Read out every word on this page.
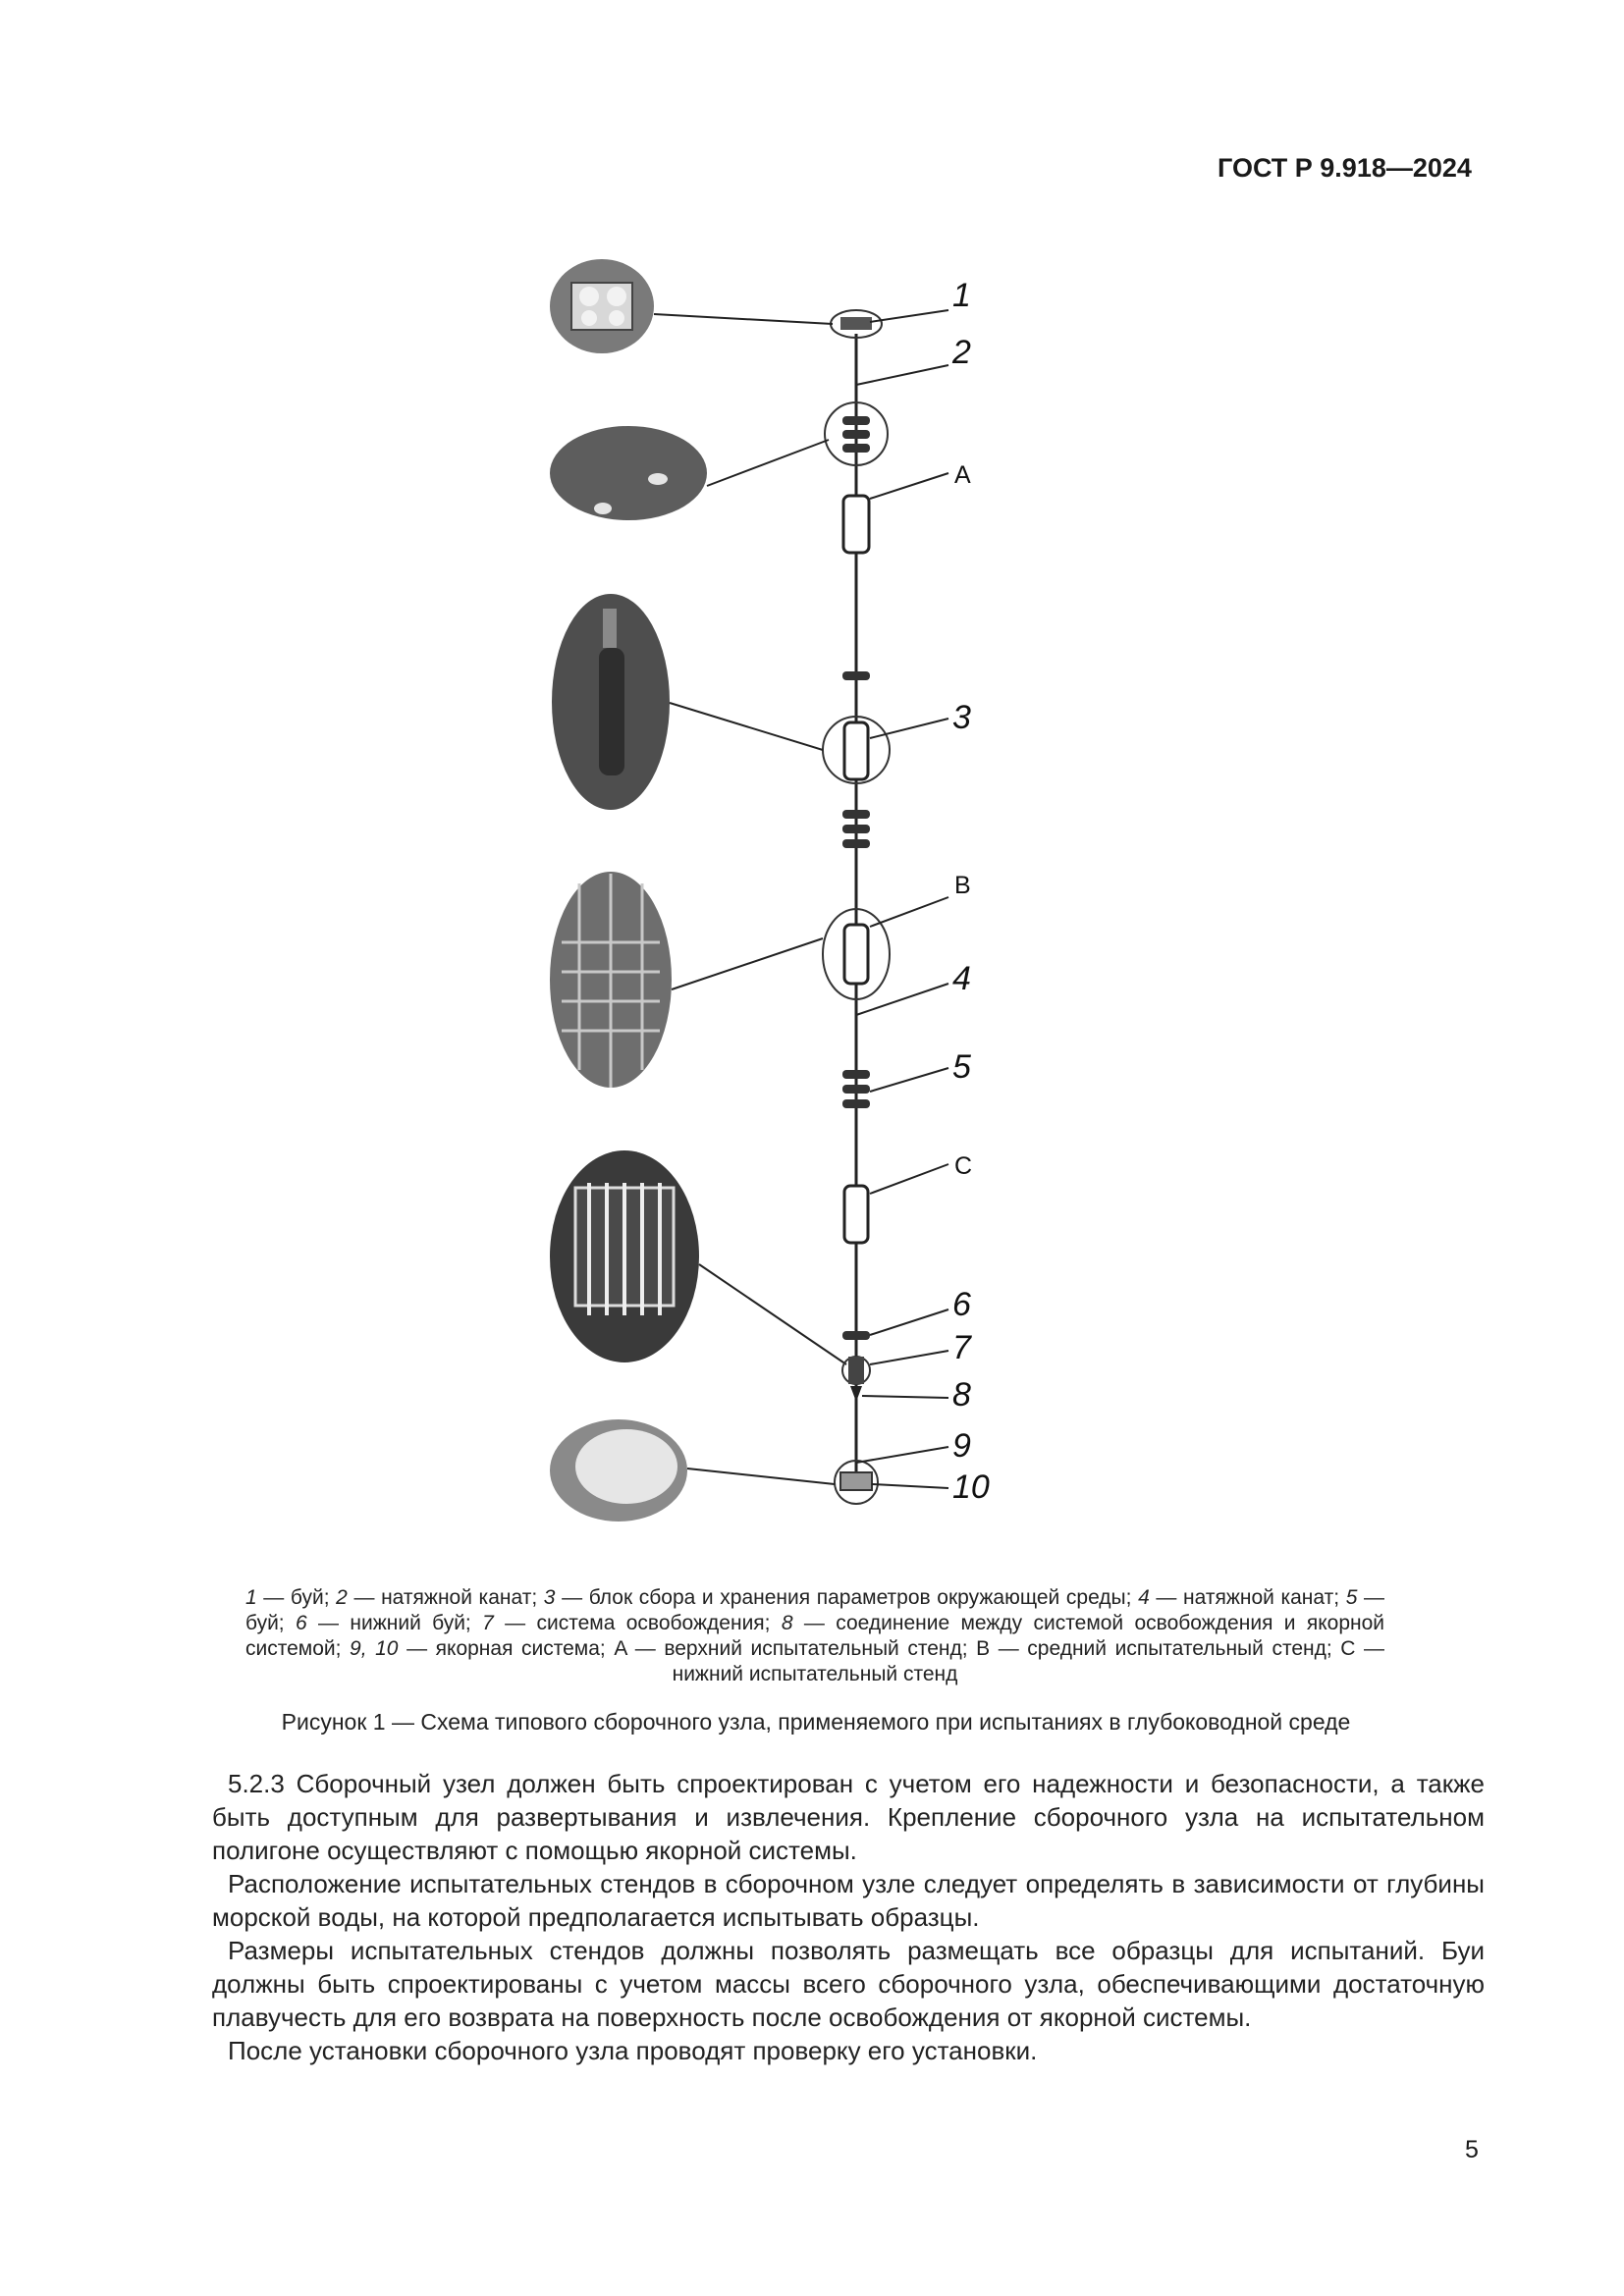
ГОСТ Р 9.918—2024
1
2
A
3
B
4
5
C
6
7
8
9
10
1 — буй; 2 — натяжной канат; 3 — блок сбора и хранения параметров окружающей среды; 4 — натяжной канат; 5 — буй; 6 — нижний буй; 7 — система освобождения; 8 — соединение между системой освобождения и якорной системой; 9, 10 — якорная система; A — верхний испытательный стенд; B — средний испытательный стенд; C — нижний испытательный стенд
Рисунок 1 — Схема типового сборочного узла, применяемого при испытаниях в глубоководной среде

5.2.3 Сборочный узел должен быть спроектирован с учетом его надежности и безопасности, а также быть доступным для развертывания и извлечения. Крепление сборочного узла на испытательном полигоне осуществляют с помощью якорной системы.

Расположение испытательных стендов в сборочном узле следует определять в зависимости от глубины морской воды, на которой предполагается испытывать образцы.

Размеры испытательных стендов должны позволять размещать все образцы для испытаний. Буи должны быть спроектированы с учетом массы всего сборочного узла, обеспечивающими достаточную плавучесть для его возврата на поверхность после освобождения от якорной системы.

После установки сборочного узла проводят проверку его установки.

5
